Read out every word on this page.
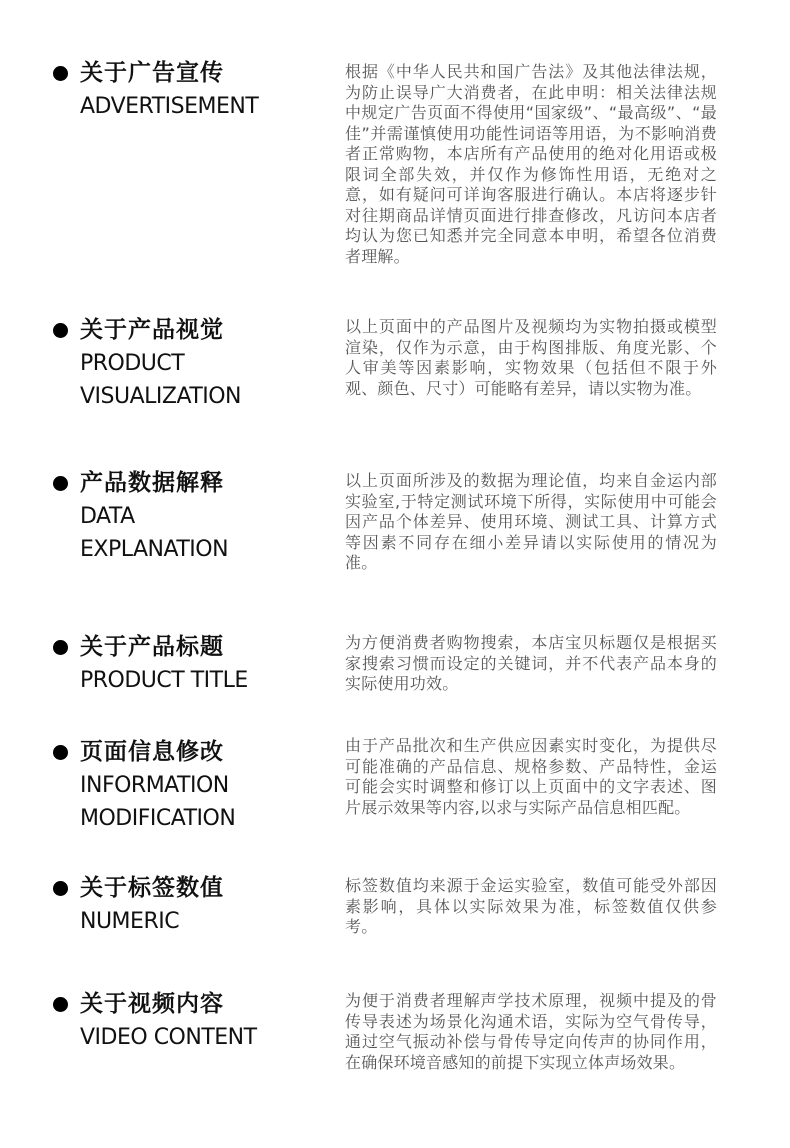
关于广告宣传
ADVERTISEMENT
根据《中华人民共和国广告法》及其他法律法规，为防止误导广大消费者，在此申明：相关法律法规中规定广告页面不得使用“国家级”、“最高级”、“最佳”并需谨慎使用功能性词语等用语，为不影响消费者正常购物，本店所有产品使用的绝对化用语或极限词全部失效，并仅作为修饰性用语，无绝对之意，如有疑问可详询客服进行确认。本店将逐步针对往期商品详情页面进行排查修改，凡访问本店者均认为您已知悉并完全同意本申明，希望各位消费者理解。
关于产品视觉
PRODUCT
VISUALIZATION
以上页面中的产品图片及视频均为实物拍摄或模型渲染，仅作为示意，由于构图排版、角度光影、个人审美等因素影响，实物效果（包括但不限于外观、颜色、尺寸）可能略有差异，请以实物为准。
产品数据解释
DATA
EXPLANATION
以上页面所涉及的数据为理论值，均来自金运内部实验室,于特定测试环境下所得，实际使用中可能会因产品个体差异、使用环境、测试工具、计算方式等因素不同存在细小差异请以实际使用的情况为准。
关于产品标题
PRODUCT TITLE
为方便消费者购物搜索，本店宝贝标题仅是根据买家搜索习惯而设定的关键词，并不代表产品本身的实际使用功效。
页面信息修改
INFORMATION
MODIFICATION
由于产品批次和生产供应因素实时变化，为提供尽可能准确的产品信息、规格参数、产品特性，金运可能会实时调整和修订以上页面中的文字表述、图片展示效果等内容,以求与实际产品信息相匹配。
关于标签数值
NUMERIC
标签数值均来源于金运实验室，数值可能受外部因素影响，具体以实际效果为准，标签数值仅供参考。
关于视频内容
VIDEO CONTENT
为便于消费者理解声学技术原理，视频中提及的骨传导表述为场景化沟通术语，实际为空气骨传导，通过空气振动补偿与骨传导定向传声的协同作用，在确保环境音感知的前提下实现立体声场效果。
